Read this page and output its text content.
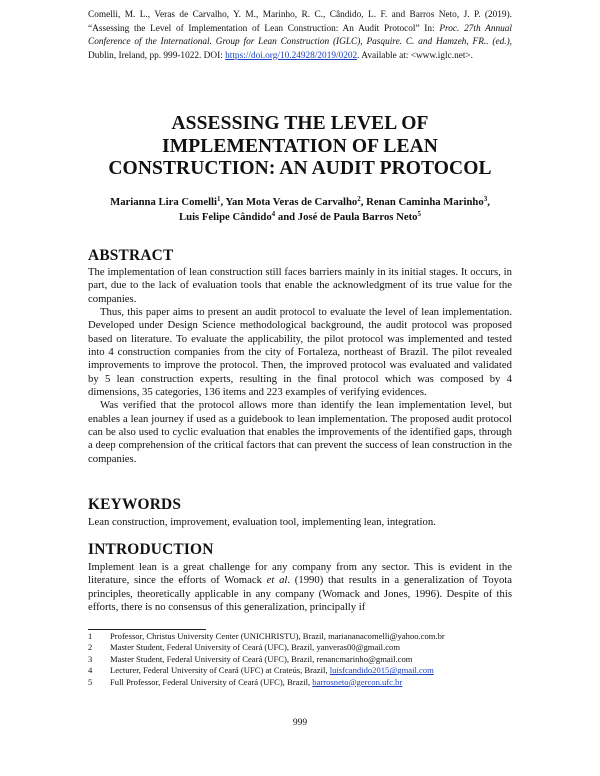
Comelli, M. L., Veras de Carvalho, Y. M., Marinho, R. C., Cândido, L. F. and Barros Neto, J. P. (2019). “Assessing the Level of Implementation of Lean Construction: An Audit Protocol” In: Proc. 27th Annual Conference of the International. Group for Lean Construction (IGLC), Pasquire. C. and Hamzeh, FR.. (ed.), Dublin, Ireland, pp. 999-1022. DOI: https://doi.org/10.24928/2019/0202. Available at: <www.iglc.net>.
ASSESSING THE LEVEL OF
IMPLEMENTATION OF LEAN
CONSTRUCTION: AN AUDIT PROTOCOL
Marianna Lira Comelli$^1$, Yan Mota Veras de Carvalho$^2$, Renan Caminha Marinho$^3$,
Luis Felipe Cândido$^4$ and José de Paula Barros Neto$^5$
ABSTRACT

The implementation of lean construction still faces barriers mainly in its initial stages. It occurs, in part, due to the lack of evaluation tools that enable the acknowledgment of its true value for the companies.

Thus, this paper aims to present an audit protocol to evaluate the level of lean implementation. Developed under Design Science methodological background, the audit protocol was proposed based on literature. To evaluate the applicability, the pilot protocol was implemented and tested into 4 construction companies from the city of Fortaleza, northeast of Brazil. The pilot revealed improvements to improve the protocol. Then, the improved protocol was evaluated and validated by 5 lean construction experts, resulting in the final protocol which was composed by 4 dimensions, 35 categories, 136 items and 223 examples of verifying evidences.

Was verified that the protocol allows more than identify the lean implementation level, but enables a lean journey if used as a guidebook to lean implementation. The proposed audit protocol can be also used to cyclic evaluation that enables the improvements of the identified gaps, through a deep comprehension of the critical factors that can prevent the success of lean construction in the companies.

KEYWORDS
Lean construction, improvement, evaluation tool, implementing lean, integration.
INTRODUCTION
Implement lean is a great challenge for any company from any sector. This is evident in the literature, since the efforts of Womack et al. (1990) that results in a generalization of Toyota principles, theoretically applicable in any company (Womack and Jones, 1996). Despite of this efforts, there is no consensus of this generalization, principally if
1	Professor, Christus University Center (UNICHRISTU), Brazil, mariananacomelli@yahoo.com.br
2	Master Student, Federal University of Ceará (UFC), Brazil, yanveras00@gmail.com
3	Master Student, Federal University of Ceará (UFC), Brazil, renancmarinho@gmail.com
4	Lecturer, Federal University of Ceará (UFC) at Crateús, Brazil, luisfcandido2015@gmail.com
5	Full Professor, Federal University of Ceará (UFC), Brazil, barrosneto@gercon.ufc.br
999
